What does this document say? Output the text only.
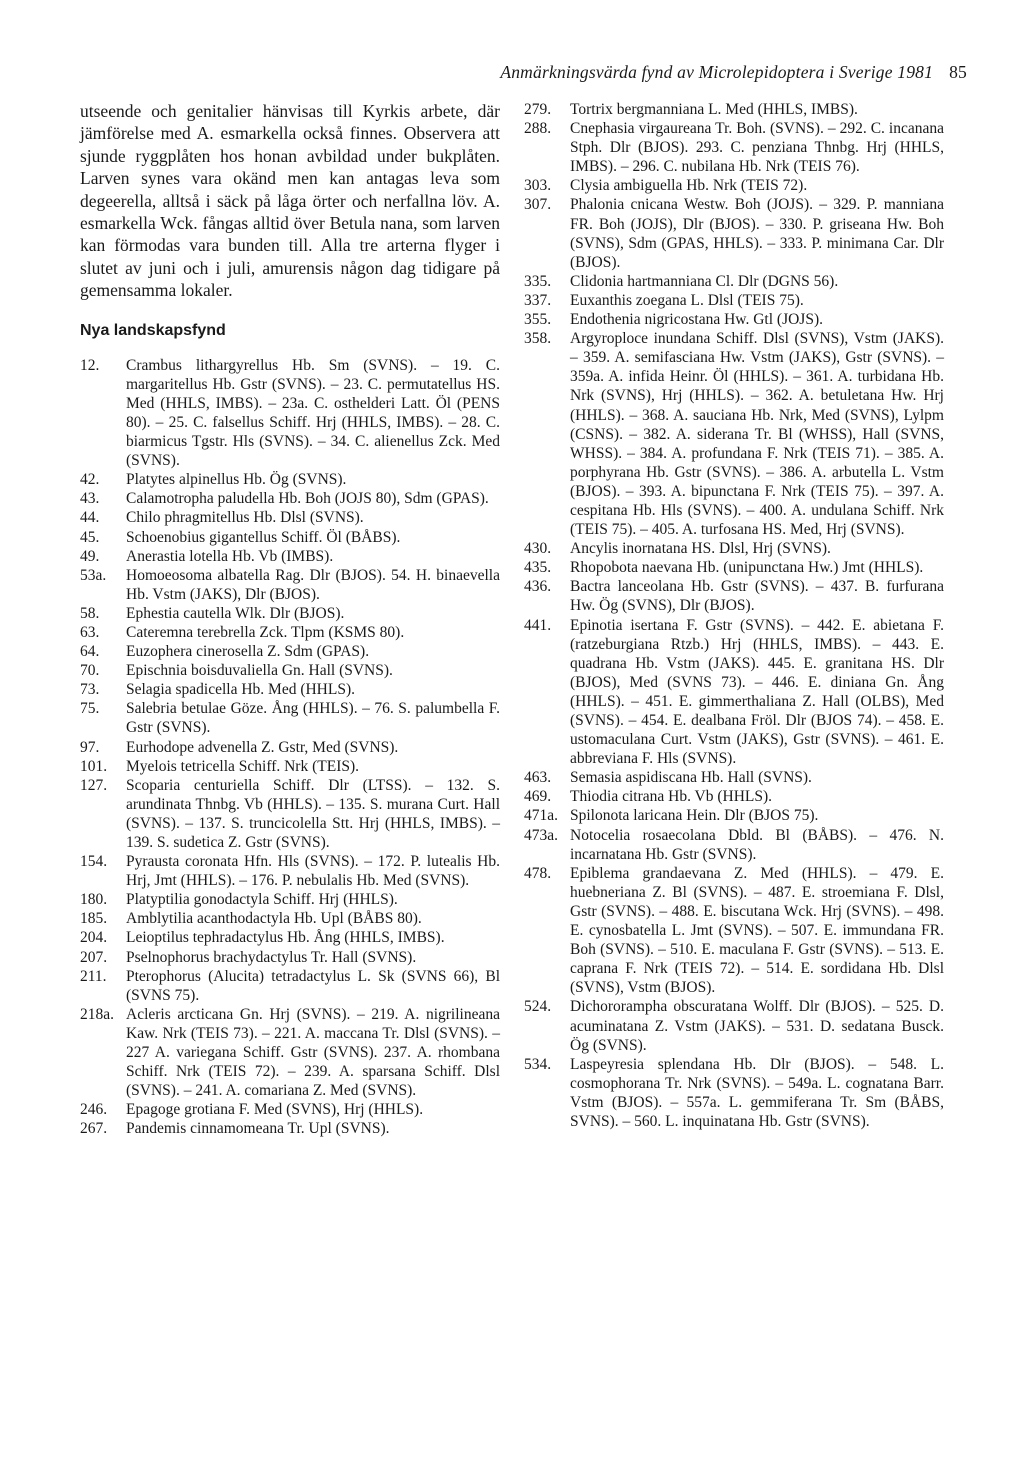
Anmärkningsvärda fynd av Microlepidoptera i Sverige 1981 85
utseende och genitalier hänvisas till Kyrkis arbete, där jämförelse med A. esmarkella också finnes. Observera att sjunde ryggplåten hos honan avbildad under bukplåten. Larven synes vara okänd men kan antagas leva som degeerella, alltså i säck på låga örter och nerfallna löv. A. esmarkella Wck. fångas alltid över Betula nana, som larven kan förmodas vara bunden till. Alla tre arterna flyger i slutet av juni och i juli, amurensis någon dag tidigare på gemensamma lokaler.
Nya landskapsfynd
12.	Crambus lithargyrellus Hb. Sm (SVNS). – 19. C. margaritellus Hb. Gstr (SVNS). – 23. C. permutatellus HS. Med (HHLS, IMBS). – 23a. C. osthelderi Latt. Öl (PENS 80). – 25. C. falsellus Schiff. Hrj (HHLS, IMBS). – 28. C. biarmicus Tgstr. Hls (SVNS). – 34. C. alienellus Zck. Med (SVNS).
42.	Platytes alpinellus Hb. Ög (SVNS).
43.	Calamotropha paludella Hb. Boh (JOJS 80), Sdm (GPAS).
44.	Chilo phragmitellus Hb. Dlsl (SVNS).
45.	Schoenobius gigantellus Schiff. Öl (BÅBS).
49.	Anerastia lotella Hb. Vb (IMBS).
53a.	Homoeosoma albatella Rag. Dlr (BJOS). 54. H. binaevella Hb. Vstm (JAKS), Dlr (BJOS).
58.	Ephestia cautella Wlk. Dlr (BJOS).
63.	Cateremna terebrella Zck. Tlpm (KSMS 80).
64.	Euzophera cinerosella Z. Sdm (GPAS).
70.	Epischnia boisduvaliella Gn. Hall (SVNS).
73.	Selagia spadicella Hb. Med (HHLS).
75.	Salebria betulae Göze. Ång (HHLS). – 76. S. palumbella F. Gstr (SVNS).
97.	Eurhodope advenella Z. Gstr, Med (SVNS).
101.	Myelois tetricella Schiff. Nrk (TEIS).
127.	Scoparia centuriella Schiff. Dlr (LTSS). – 132. S. arundinata Thnbg. Vb (HHLS). – 135. S. murana Curt. Hall (SVNS). – 137. S. truncicolella Stt. Hrj (HHLS, IMBS). – 139. S. sudetica Z. Gstr (SVNS).
154.	Pyrausta coronata Hfn. Hls (SVNS). – 172. P. lutealis Hb. Hrj, Jmt (HHLS). – 176. P. nebulalis Hb. Med (SVNS).
180.	Platyptilia gonodactyla Schiff. Hrj (HHLS).
185.	Amblytilia acanthodactyla Hb. Upl (BÅBS 80).
204.	Leioptilus tephradactylus Hb. Ång (HHLS, IMBS).
207.	Pselnophorus brachydactylus Tr. Hall (SVNS).
211.	Pterophorus (Alucita) tetradactylus L. Sk (SVNS 66), Bl (SVNS 75).
218a. Acleris arcticana Gn. Hrj (SVNS). – 219. A. nigrilineana Kaw. Nrk (TEIS 73). – 221. A. maccana Tr. Dlsl (SVNS). – 227 A. variegana Schiff. Gstr (SVNS). 237. A. rhombana Schiff. Nrk (TEIS 72). – 239. A. sparsana Schiff. Dlsl (SVNS). – 241. A. comariana Z. Med (SVNS).
246.	Epagoge grotiana F. Med (SVNS), Hrj (HHLS).
267.	Pandemis cinnamomeana Tr. Upl (SVNS).
279.	Tortrix bergmanniana L. Med (HHLS, IMBS).
288.	Cnephasia virgaureana Tr. Boh. (SVNS). – 292. C. incanana Stph. Dlr (BJOS). 293. C. penziana Thnbg. Hrj (HHLS, IMBS). – 296. C. nubilana Hb. Nrk (TEIS 76).
303.	Clysia ambiguella Hb. Nrk (TEIS 72).
307.	Phalonia cnicana Westw. Boh (JOJS). – 329. P. manniana FR. Boh (JOJS), Dlr (BJOS). – 330. P. griseana Hw. Boh (SVNS), Sdm (GPAS, HHLS). – 333. P. minimana Car. Dlr (BJOS).
335.	Clidonia hartmanniana Cl. Dlr (DGNS 56).
337.	Euxanthis zoegana L. Dlsl (TEIS 75).
355.	Endothenia nigricostana Hw. Gtl (JOJS).
358.	Argyroploce inundana Schiff. Dlsl (SVNS), Vstm (JAKS). – 359. A. semifasciana Hw. Vstm (JAKS), Gstr (SVNS). – 359a. A. infida Heinr. Öl (HHLS). – 361. A. turbidana Hb. Nrk (SVNS), Hrj (HHLS). – 362. A. betuletana Hw. Hrj (HHLS). – 368. A. sauciana Hb. Nrk, Med (SVNS), Lylpm (CSNS). – 382. A. siderana Tr. Bl (WHSS), Hall (SVNS, WHSS). – 384. A. profundana F. Nrk (TEIS 71). – 385. A. porphyrana Hb. Gstr (SVNS). – 386. A. arbutella L. Vstm (BJOS). – 393. A. bipunctana F. Nrk (TEIS 75). – 397. A. cespitana Hb. Hls (SVNS). – 400. A. undulana Schiff. Nrk (TEIS 75). – 405. A. turfosana HS. Med, Hrj (SVNS).
430.	Ancylis inornatana HS. Dlsl, Hrj (SVNS).
435.	Rhopobota naevana Hb. (unipunctana Hw.) Jmt (HHLS).
436.	Bactra lanceolana Hb. Gstr (SVNS). – 437. B. furfurana Hw. Ög (SVNS), Dlr (BJOS).
441.	Epinotia isertana F. Gstr (SVNS). – 442. E. abietana F. (ratzeburgiana Rtzb.) Hrj (HHLS, IMBS). – 443. E. quadrana Hb. Vstm (JAKS). 445. E. granitana HS. Dlr (BJOS), Med (SVNS 73). – 446. E. diniana Gn. Ång (HHLS). – 451. E. gimmerthaliana Z. Hall (OLBS), Med (SVNS). – 454. E. dealbana Fröl. Dlr (BJOS 74). – 458. E. ustomaculana Curt. Vstm (JAKS), Gstr (SVNS). – 461. E. abbreviana F. Hls (SVNS).
463.	Semasia aspidiscana Hb. Hall (SVNS).
469.	Thiodia citrana Hb. Vb (HHLS).
471a. Spilonota laricana Hein. Dlr (BJOS 75).
473a. Notocelia rosaecolana Dbld. Bl (BÅBS). – 476. N. incarnatana Hb. Gstr (SVNS).
478.	Epiblema grandaevana Z. Med (HHLS). – 479. E. huebneriana Z. Bl (SVNS). – 487. E. stroemiana F. Dlsl, Gstr (SVNS). – 488. E. biscutana Wck. Hrj (SVNS). – 498. E. cynosbatella L. Jmt (SVNS). – 507. E. immundana FR. Boh (SVNS). – 510. E. maculana F. Gstr (SVNS). – 513. E. caprana F. Nrk (TEIS 72). – 514. E. sordidana Hb. Dlsl (SVNS), Vstm (BJOS).
524.	Dichororampha obscuratana Wolff. Dlr (BJOS). – 525. D. acuminatana Z. Vstm (JAKS). – 531. D. sedatana Busck. Ög (SVNS).
534.	Laspeyresia splendana Hb. Dlr (BJOS). – 548. L. cosmophorana Tr. Nrk (SVNS). – 549a. L. cognatana Barr. Vstm (BJOS). – 557a. L. gemmiferana Tr. Sm (BÅBS, SVNS). – 560. L. inquinatana Hb. Gstr (SVNS).
